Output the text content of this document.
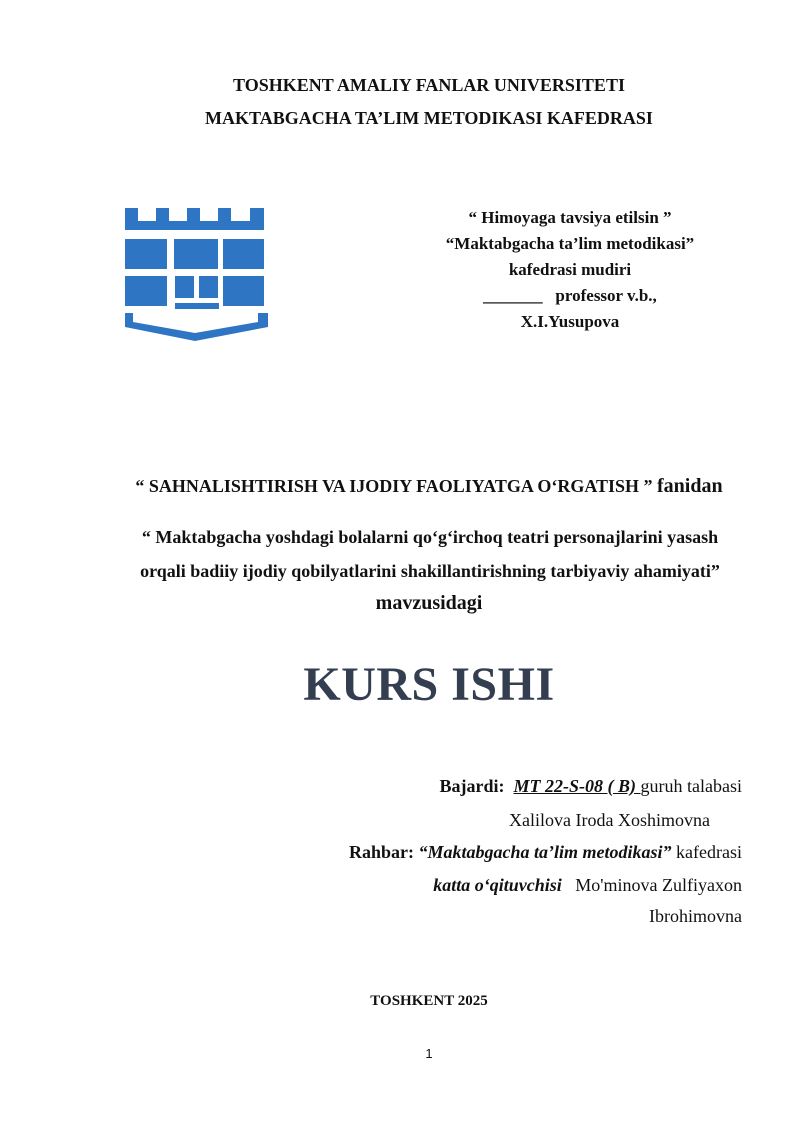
TOSHKENT AMALIY FANLAR UNIVERSITETI
MAKTABGACHA TA’LIM METODIKASI KAFEDRASI
“ Himoyaga tavsiya etilsin ”
“Maktabgacha ta’lim metodikasi”
kafedrasi mudiri
_______ professor v.b.,
X.I.Yusupova
“ SAHNALISHTIRISH VA IJODIY FAOLIYATGA O‘RGATISH ” fanidan
“ Maktabgacha yoshdagi bolalarni qo‘g‘irchoq teatri personajlarini yasash
orqali badiiy ijodiy qobilyatlarini shakillantirishning tarbiyaviy ahamiyati”
mavzusidagi
KURS ISHI
Bajardi: MT 22-S-08 ( B) guruh talabasi
Xalilova Iroda Xoshimovna
Rahbar: “Maktabgacha ta’lim metodikasi” kafedrasi
katta o‘qituvchisi Mo'minova Zulfiyaxon
Ibrohimovna
TOSHKENT 2025
1
